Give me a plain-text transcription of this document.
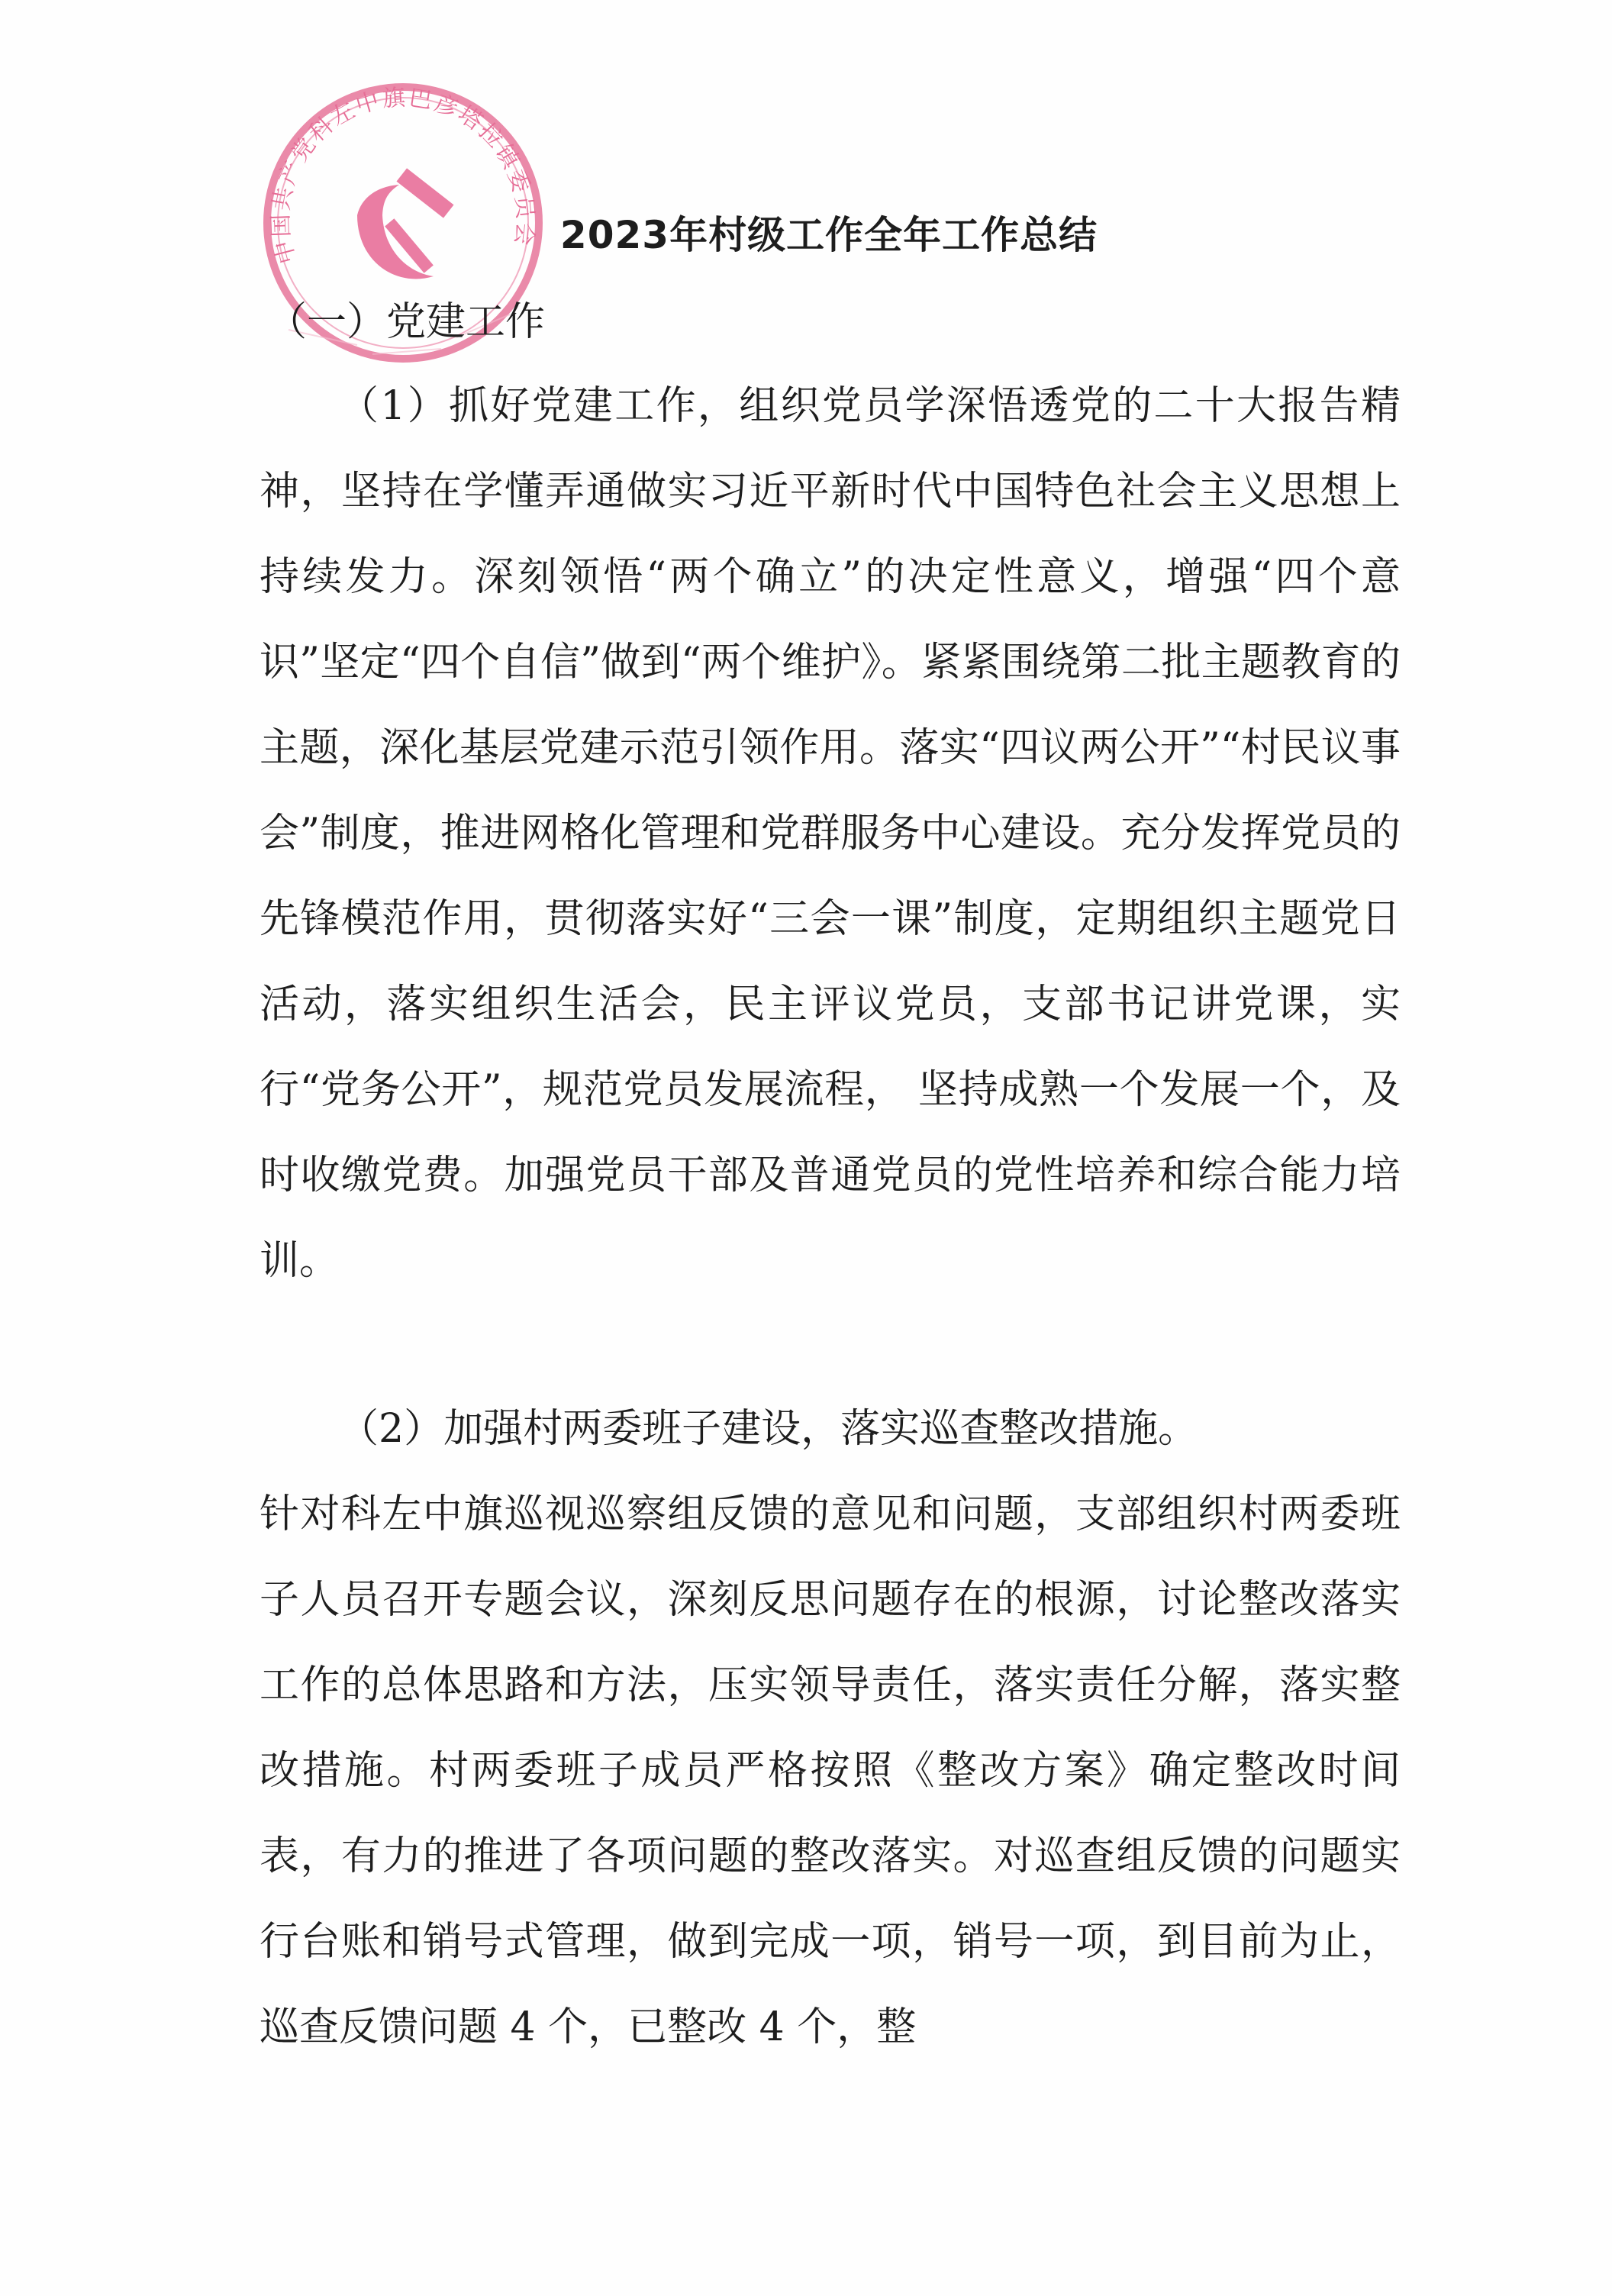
中国共产党科左中旗巴彦塔拉镇委员会 2023年村级工作全年工作总结
（一）党建工作

（1）抓好党建工作，组织党员学深悟透党的二十大报告精神，坚持在学懂弄通做实习近平新时代中国特色社会主义思想上持续发力。深刻领悟“两个确立”的决定性意义，增强“四个意识”坚定“四个自信”做到“两个维护》。紧紧围绕第二批主题教育的主题，深化基层党建示范引领作用。落实“四议两公开”“村民议事会”制度，推进网格化管理和党群服务中心建设。充分发挥党员的先锋模范作用，贯彻落实好“三会一课”制度，定期组织主题党日活动，落实组织生活会，民主评议党员，支部书记讲党课，实行“党务公开”，规范党员发展流程， 坚持成熟一个发展一个，及时收缴党费。加强党员干部及普通党员的党性培养和综合能力培训。

（2）加强村两委班子建设，落实巡查整改措施。

针对科左中旗巡视巡察组反馈的意见和问题，支部组织村两委班子人员召开专题会议，深刻反思问题存在的根源，讨论整改落实工作的总体思路和方法，压实领导责任，落实责任分解，落实整改措施。村两委班子成员严格按照《整改方案》确定整改时间表，有力的推进了各项问题的整改落实。对巡查组反馈的问题实行台账和销号式管理，做到完成一项，销号一项，到目前为止，巡查反馈问题 4 个，已整改 4 个，整
